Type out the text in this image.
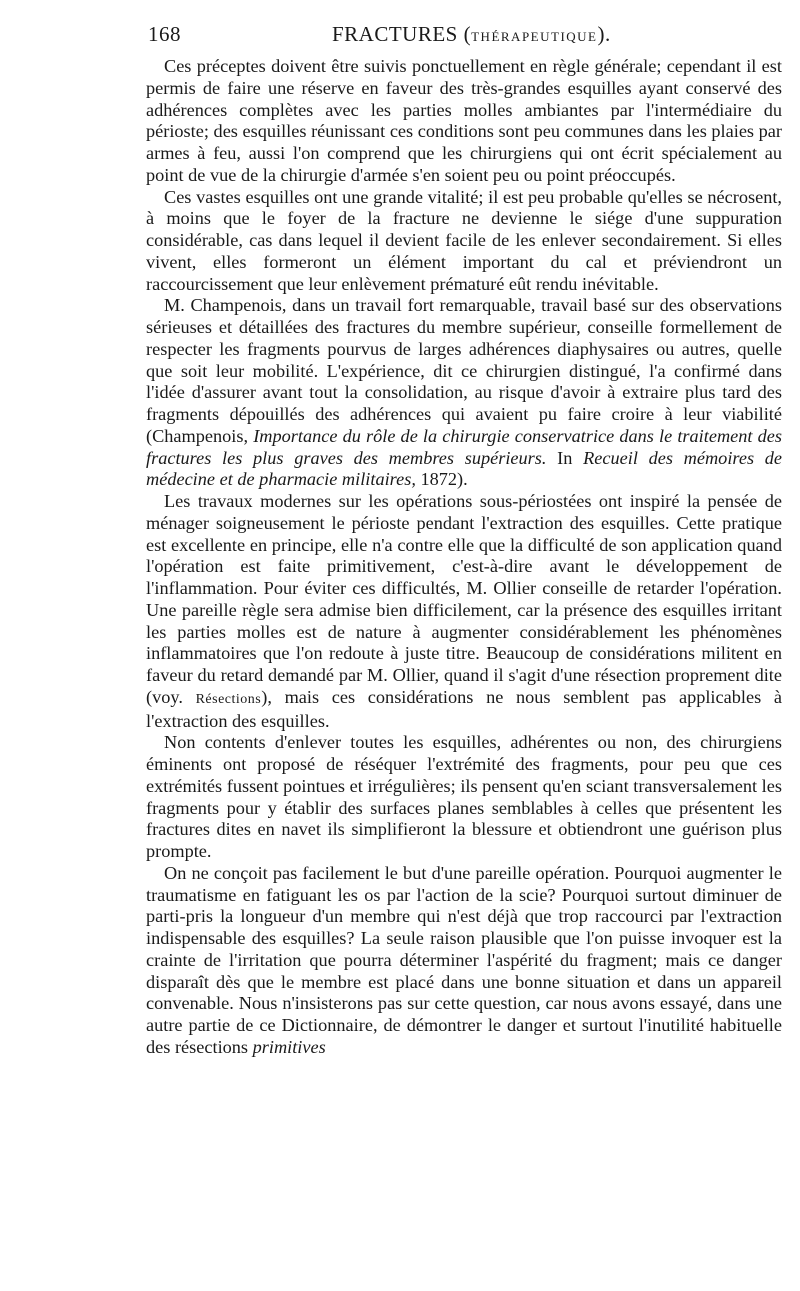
168	FRACTURES (THÉRAPEUTIQUE).

Ces préceptes doivent être suivis ponctuellement en règle générale; cependant il est permis de faire une réserve en faveur des très-grandes esquilles ayant conservé des adhérences complètes avec les parties molles ambiantes par l'intermédiaire du périoste; des esquilles réunissant ces conditions sont peu communes dans les plaies par armes à feu, aussi l'on comprend que les chirurgiens qui ont écrit spécialement au point de vue de la chirurgie d'armée s'en soient peu ou point préoccupés.

Ces vastes esquilles ont une grande vitalité; il est peu probable qu'elles se nécrosent, à moins que le foyer de la fracture ne devienne le siége d'une suppuration considérable, cas dans lequel il devient facile de les enlever secondairement. Si elles vivent, elles formeront un élément important du cal et préviendront un raccourcissement que leur enlèvement prématuré eût rendu inévitable.

M. Champenois, dans un travail fort remarquable, travail basé sur des observations sérieuses et détaillées des fractures du membre supérieur, conseille formellement de respecter les fragments pourvus de larges adhérences diaphysaires ou autres, quelle que soit leur mobilité. L'expérience, dit ce chirurgien distingué, l'a confirmé dans l'idée d'assurer avant tout la consolidation, au risque d'avoir à extraire plus tard des fragments dépouillés des adhérences qui avaient pu faire croire à leur viabilité (Champenois, Importance du rôle de la chirurgie conservatrice dans le traitement des fractures les plus graves des membres supérieurs. In Recueil des mémoires de médecine et de pharmacie militaires, 1872).

Les travaux modernes sur les opérations sous-périostées ont inspiré la pensée de ménager soigneusement le périoste pendant l'extraction des esquilles. Cette pratique est excellente en principe, elle n'a contre elle que la difficulté de son application quand l'opération est faite primitivement, c'est-à-dire avant le développement de l'inflammation. Pour éviter ces difficultés, M. Ollier conseille de retarder l'opération. Une pareille règle sera admise bien difficilement, car la présence des esquilles irritant les parties molles est de nature à augmenter considérablement les phénomènes inflammatoires que l'on redoute à juste titre. Beaucoup de considérations militent en faveur du retard demandé par M. Ollier, quand il s'agit d'une résection proprement dite (voy. Résections), mais ces considérations ne nous semblent pas applicables à l'extraction des esquilles.

Non contents d'enlever toutes les esquilles, adhérentes ou non, des chirurgiens éminents ont proposé de réséquer l'extrémité des fragments, pour peu que ces extrémités fussent pointues et irrégulières; ils pensent qu'en sciant transversalement les fragments pour y établir des surfaces planes semblables à celles que présentent les fractures dites en navet ils simplifieront la blessure et obtiendront une guérison plus prompte.

On ne conçoit pas facilement le but d'une pareille opération. Pourquoi augmenter le traumatisme en fatiguant les os par l'action de la scie? Pourquoi surtout diminuer de parti-pris la longueur d'un membre qui n'est déjà que trop raccourci par l'extraction indispensable des esquilles? La seule raison plausible que l'on puisse invoquer est la crainte de l'irritation que pourra déterminer l'aspérité du fragment; mais ce danger disparaît dès que le membre est placé dans une bonne situation et dans un appareil convenable. Nous n'insisterons pas sur cette question, car nous avons essayé, dans une autre partie de ce Dictionnaire, de démontrer le danger et surtout l'inutilité habituelle des résections primitives
